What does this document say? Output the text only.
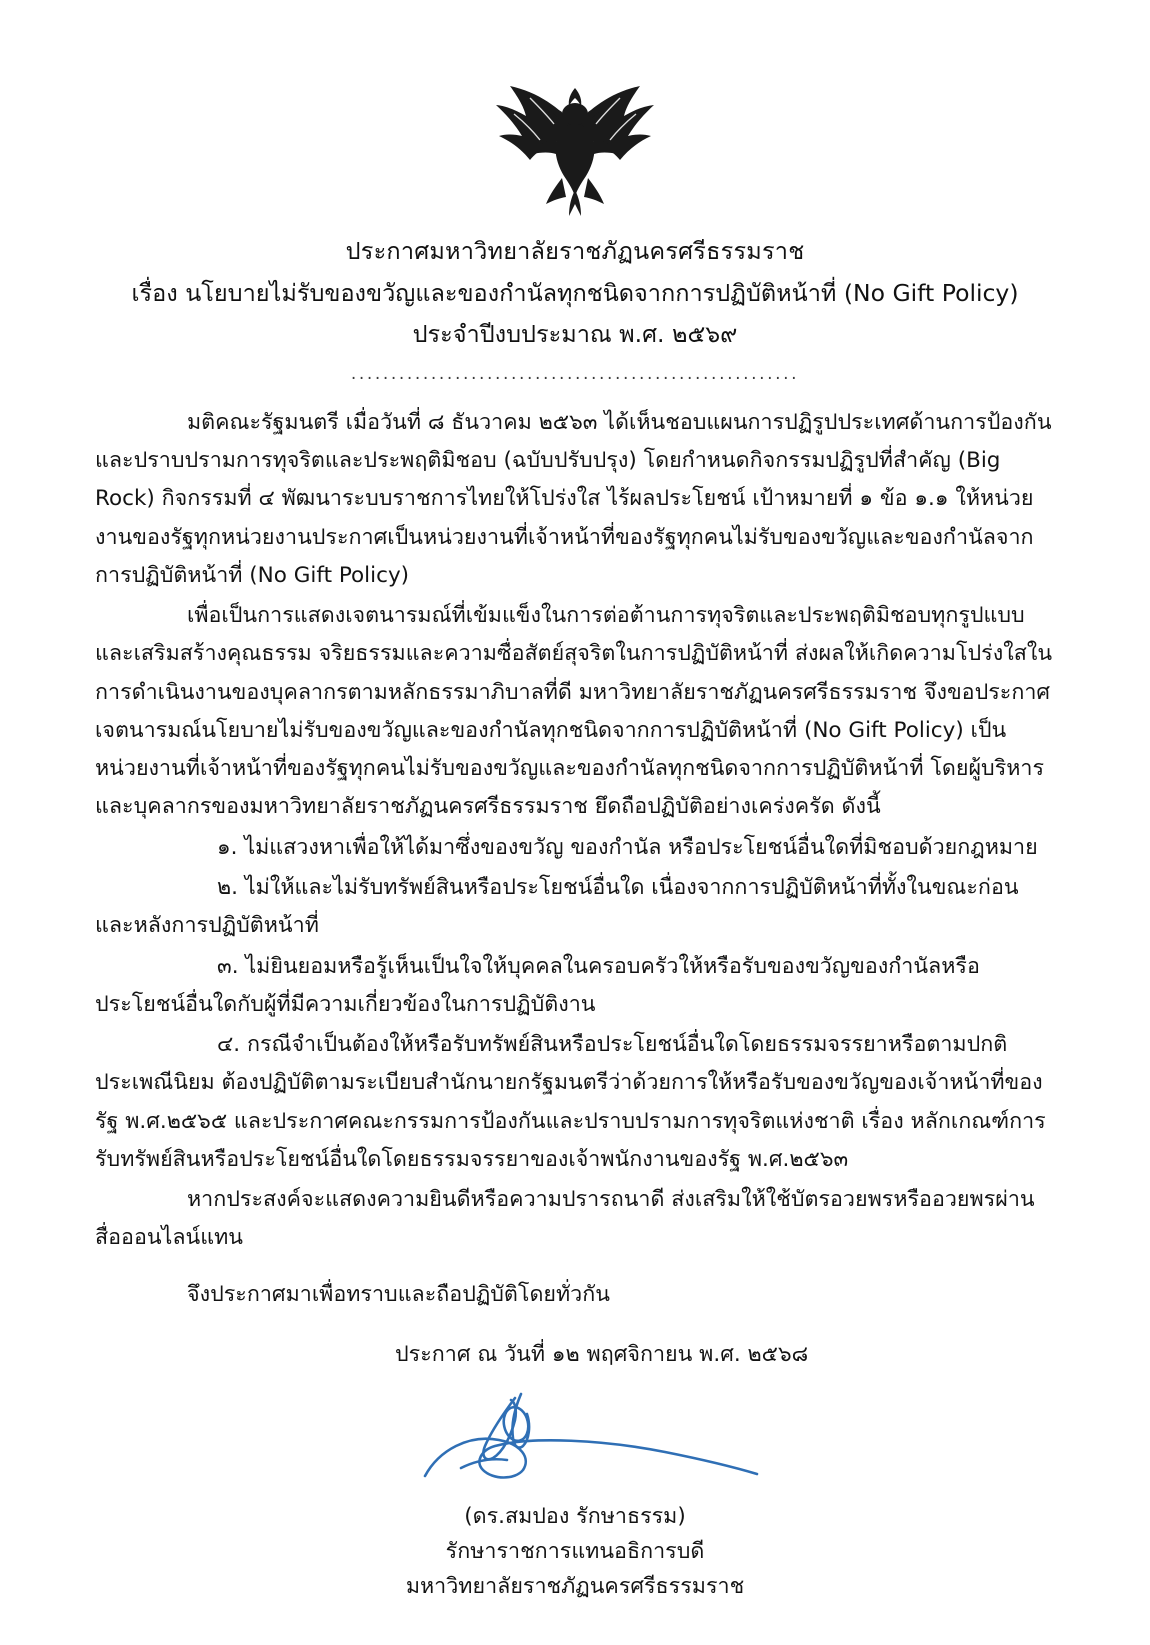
ประกาศมหาวิทยาลัยราชภัฏนครศรีธรรมราช
เรื่อง นโยบายไม่รับของขวัญและของกำนัลทุกชนิดจากการปฏิบัติหน้าที่ (No Gift Policy)
ประจำปีงบประมาณ พ.ศ. ๒๕๖๙
........................................................

มติคณะรัฐมนตรี เมื่อวันที่ ๘ ธันวาคม ๒๕๖๓ ได้เห็นชอบแผนการปฏิรูปประเทศด้านการป้องกันและปราบปรามการทุจริตและประพฤติมิชอบ (ฉบับปรับปรุง) โดยกำหนดกิจกรรมปฏิรูปที่สำคัญ (Big Rock) กิจกรรมที่ ๔ พัฒนาระบบราชการไทยให้โปร่งใส ไร้ผลประโยชน์ เป้าหมายที่ ๑ ข้อ ๑.๑ ให้หน่วยงานของรัฐทุกหน่วยงานประกาศเป็นหน่วยงานที่เจ้าหน้าที่ของรัฐทุกคนไม่รับของขวัญและของกำนัลจากการปฏิบัติหน้าที่ (No Gift Policy)

เพื่อเป็นการแสดงเจตนารมณ์ที่เข้มแข็งในการต่อต้านการทุจริตและประพฤติมิชอบทุกรูปแบบและเสริมสร้างคุณธรรม จริยธรรมและความซื่อสัตย์สุจริตในการปฏิบัติหน้าที่ ส่งผลให้เกิดความโปร่งใสในการดำเนินงานของบุคลากรตามหลักธรรมาภิบาลที่ดี มหาวิทยาลัยราชภัฏนครศรีธรรมราช จึงขอประกาศเจตนารมณ์นโยบายไม่รับของขวัญและของกำนัลทุกชนิดจากการปฏิบัติหน้าที่ (No Gift Policy) เป็นหน่วยงานที่เจ้าหน้าที่ของรัฐทุกคนไม่รับของขวัญและของกำนัลทุกชนิดจากการปฏิบัติหน้าที่ โดยผู้บริหารและบุคลากรของมหาวิทยาลัยราชภัฏนครศรีธรรมราช ยึดถือปฏิบัติอย่างเคร่งครัด ดังนี้

๑. ไม่แสวงหาเพื่อให้ได้มาซึ่งของขวัญ ของกำนัล หรือประโยชน์อื่นใดที่มิชอบด้วยกฎหมาย

๒. ไม่ให้และไม่รับทรัพย์สินหรือประโยชน์อื่นใด เนื่องจากการปฏิบัติหน้าที่ทั้งในขณะก่อน และหลังการปฏิบัติหน้าที่

๓. ไม่ยินยอมหรือรู้เห็นเป็นใจให้บุคคลในครอบครัวให้หรือรับของขวัญของกำนัลหรือประโยชน์อื่นใดกับผู้ที่มีความเกี่ยวข้องในการปฏิบัติงาน

๔. กรณีจำเป็นต้องให้หรือรับทรัพย์สินหรือประโยชน์อื่นใดโดยธรรมจรรยาหรือตามปกติประเพณีนิยม ต้องปฏิบัติตามระเบียบสำนักนายกรัฐมนตรีว่าด้วยการให้หรือรับของขวัญของเจ้าหน้าที่ของรัฐ พ.ศ.๒๕๖๕ และประกาศคณะกรรมการป้องกันและปราบปรามการทุจริตแห่งชาติ เรื่อง หลักเกณฑ์การรับทรัพย์สินหรือประโยชน์อื่นใดโดยธรรมจรรยาของเจ้าพนักงานของรัฐ พ.ศ.๒๕๖๓

หากประสงค์จะแสดงความยินดีหรือความปรารถนาดี ส่งเสริมให้ใช้บัตรอวยพรหรืออวยพรผ่านสื่อออนไลน์แทน

จึงประกาศมาเพื่อทราบและถือปฏิบัติโดยทั่วกัน

ประกาศ ณ วันที่ ๑๒ พฤศจิกายน พ.ศ. ๒๕๖๘

(ดร.สมปอง รักษาธรรม)
รักษาราชการแทนอธิการบดี
มหาวิทยาลัยราชภัฏนครศรีธรรมราช
